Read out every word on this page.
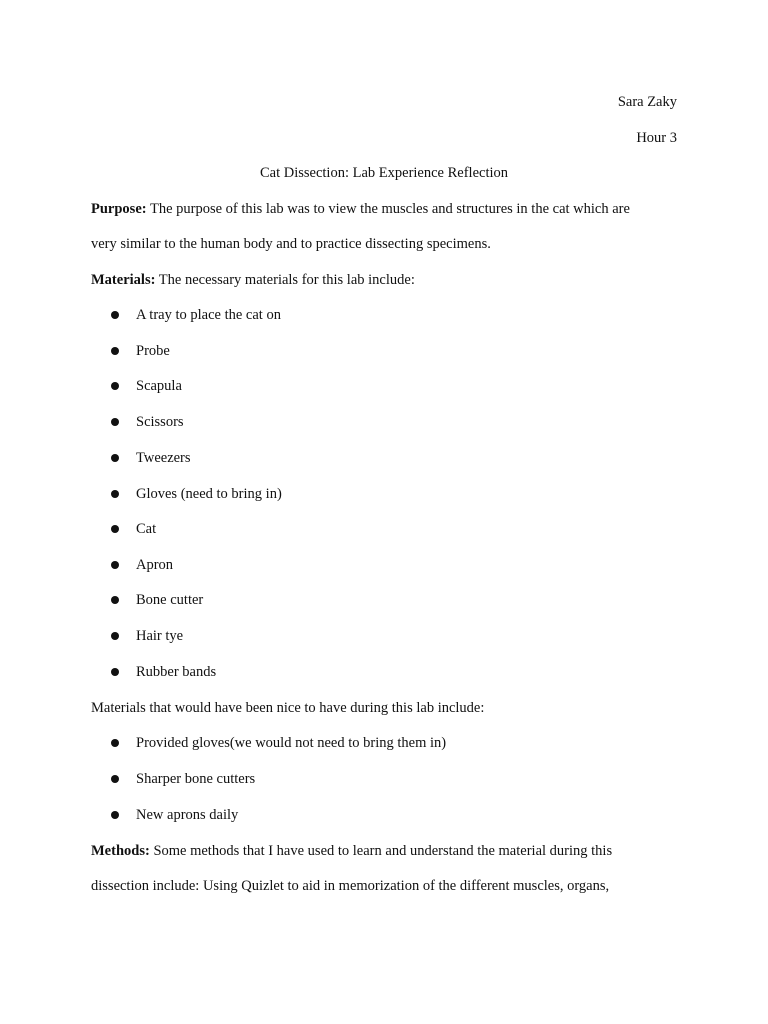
Sara Zaky
Hour 3
Cat Dissection: Lab Experience Reflection
Purpose: The purpose of this lab was to view the muscles and structures in the cat which are
very similar to the human body and to practice dissecting specimens.
Materials: The necessary materials for this lab include:
A tray to place the cat on
Probe
Scapula
Scissors
Tweezers
Gloves (need to bring in)
Cat
Apron
Bone cutter
Hair tye
Rubber bands
Materials that would have been nice to have during this lab include:
Provided gloves(we would not need to bring them in)
Sharper bone cutters
New aprons daily
Methods: Some methods that I have used to learn and understand the material during this
dissection include: Using Quizlet to aid in memorization of the different muscles, organs,
